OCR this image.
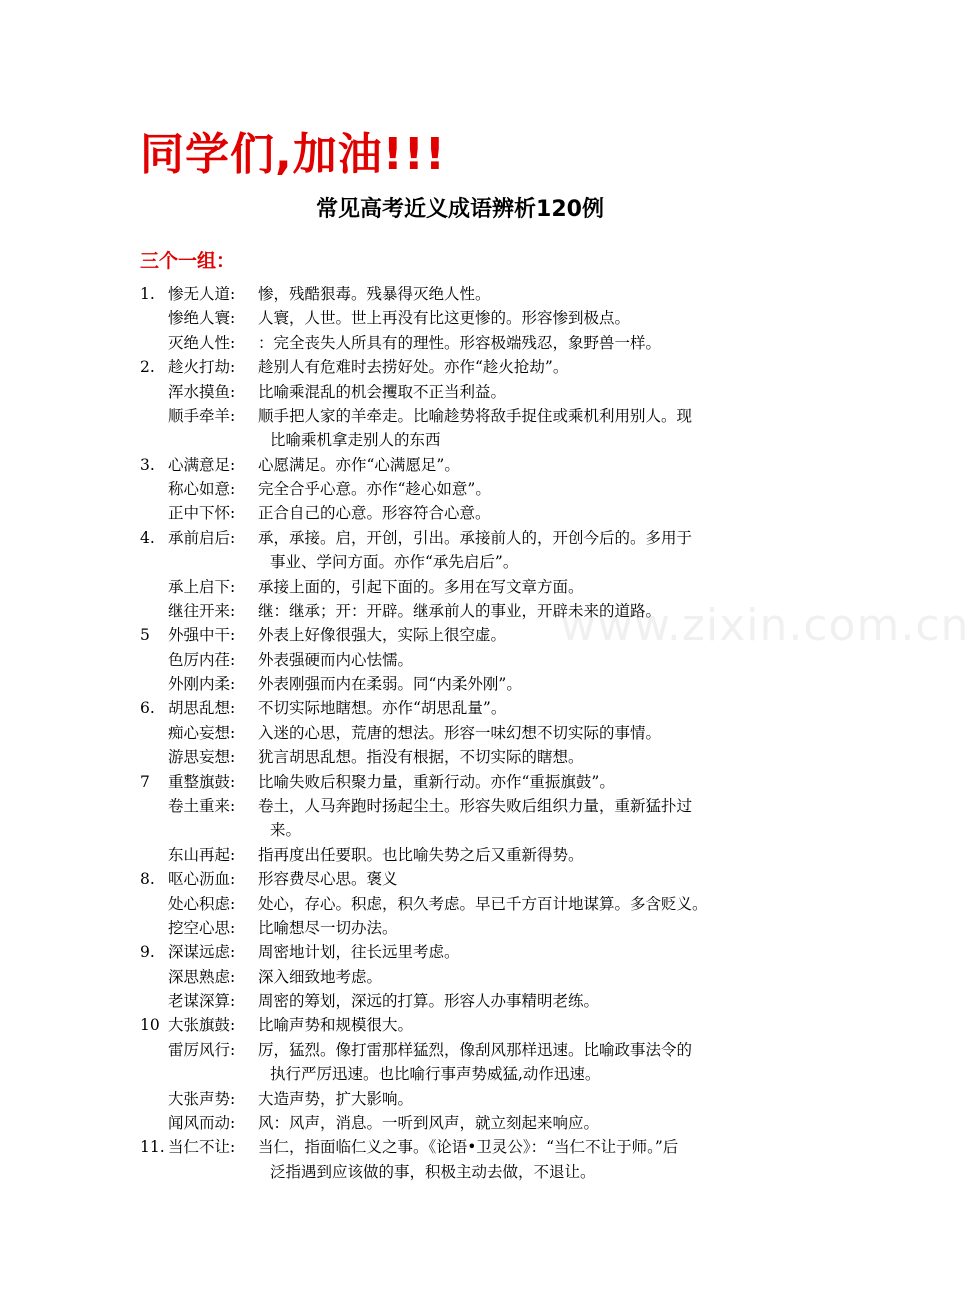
同学们,加油!!!
常见高考近义成语辨析120例
三个一组：
www.zixin.com.cn
1. 惨无人道: 惨，残酷狠毒。残暴得灭绝人性。
惨绝人寰: 人寰，人世。世上再没有比这更惨的。形容惨到极点。
灭绝人性: ：完全丧失人所具有的理性。形容极端残忍，象野兽一样。
2. 趁火打劫: 趁别人有危难时去捞好处。亦作“趁火抢劫”。
浑水摸鱼: 比喻乘混乱的机会攫取不正当利益。
顺手牵羊: 顺手把人家的羊牵走。比喻趁势将敌手捉住或乘机利用别人。现
比喻乘机拿走别人的东西
3. 心满意足: 心愿满足。亦作“心满愿足”。
称心如意: 完全合乎心意。亦作“趁心如意”。
正中下怀: 正合自己的心意。形容符合心意。
4. 承前启后: 承，承接。启，开创，引出。承接前人的，开创今后的。多用于
事业、学问方面。亦作“承先启后”。
承上启下: 承接上面的，引起下面的。多用在写文章方面。
继往开来: 继：继承；开：开辟。继承前人的事业，开辟未来的道路。
5 外强中干: 外表上好像很强大，实际上很空虚。
色厉内荏: 外表强硬而内心怯懦。
外刚内柔: 外表刚强而内在柔弱。同“内柔外刚”。
6. 胡思乱想: 不切实际地瞎想。亦作“胡思乱量”。
痴心妄想: 入迷的心思，荒唐的想法。形容一味幻想不切实际的事情。
游思妄想: 犹言胡思乱想。指没有根据，不切实际的瞎想。
7 重整旗鼓: 比喻失败后积聚力量，重新行动。亦作“重振旗鼓”。
卷土重来: 卷土，人马奔跑时扬起尘土。形容失败后组织力量，重新猛扑过
来。
东山再起: 指再度出任要职。也比喻失势之后又重新得势。
8. 呕心沥血: 形容费尽心思。褒义
处心积虑: 处心，存心。积虑，积久考虑。早已千方百计地谋算。多含贬义。
挖空心思: 比喻想尽一切办法。
9. 深谋远虑: 周密地计划，往长远里考虑。
深思熟虑: 深入细致地考虑。
老谋深算: 周密的筹划，深远的打算。形容人办事精明老练。
10 大张旗鼓: 比喻声势和规模很大。
雷厉风行: 厉，猛烈。像打雷那样猛烈，像刮风那样迅速。比喻政事法令的
执行严厉迅速。也比喻行事声势威猛,动作迅速。
大张声势: 大造声势，扩大影响。
闻风而动: 风：风声，消息。一听到风声，就立刻起来响应。
11. 当仁不让: 当仁，指面临仁义之事。《论语•卫灵公》：“当仁不让于师。”后
泛指遇到应该做的事，积极主动去做，不退让。
